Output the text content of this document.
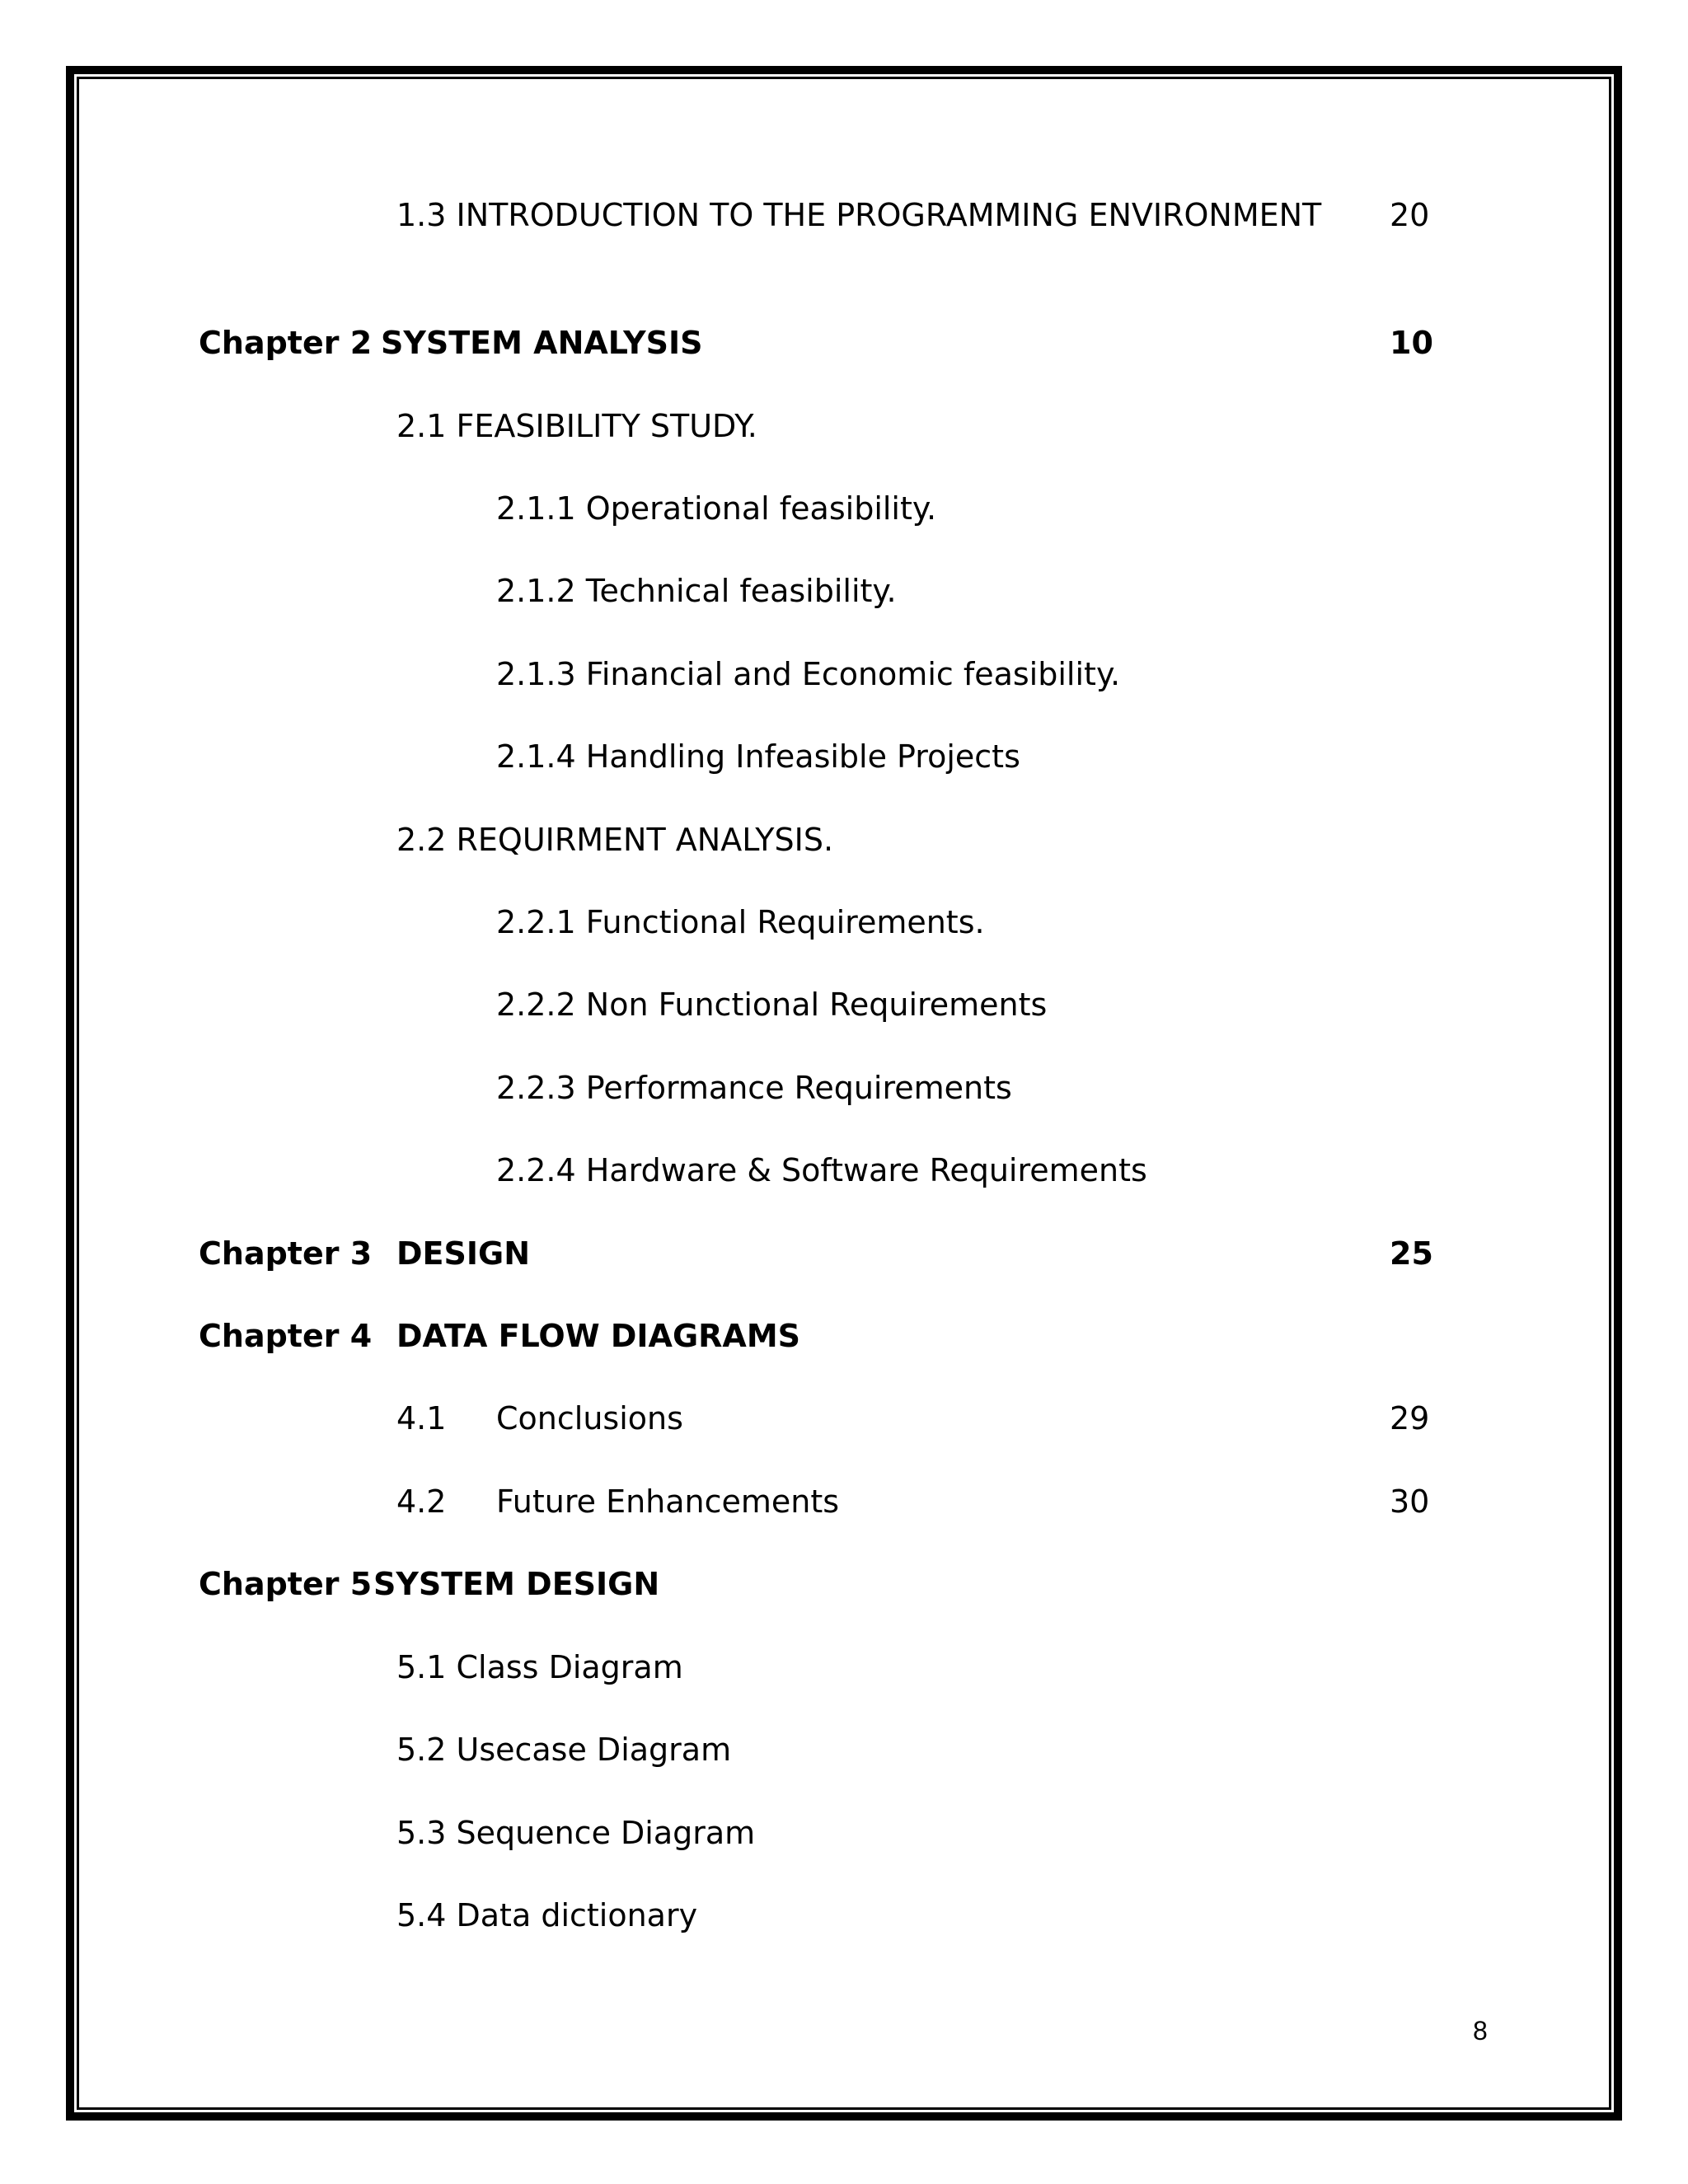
1.3 INTRODUCTION TO THE PROGRAMMING ENVIRONMENT 20
Chapter 2 SYSTEM ANALYSIS	10
2.1 FEASIBILITY STUDY.
2.1.1 Operational feasibility.
2.1.2 Technical feasibility.
2.1.3 Financial and Economic feasibility.
2.1.4 Handling Infeasible Projects
2.2 REQUIRMENT ANALYSIS.
2.2.1 Functional Requirements.
2.2.2 Non Functional Requirements
2.2.3 Performance Requirements
2.2.4 Hardware & Software Requirements
Chapter 3 DESIGN	25
Chapter 4 DATA FLOW DIAGRAMS
4.1 Conclusions	29
4.2 Future Enhancements	30
Chapter 5 SYSTEM DESIGN
5.1 Class Diagram
5.2 Usecase Diagram
5.3 Sequence Diagram
5.4 Data dictionary
8
